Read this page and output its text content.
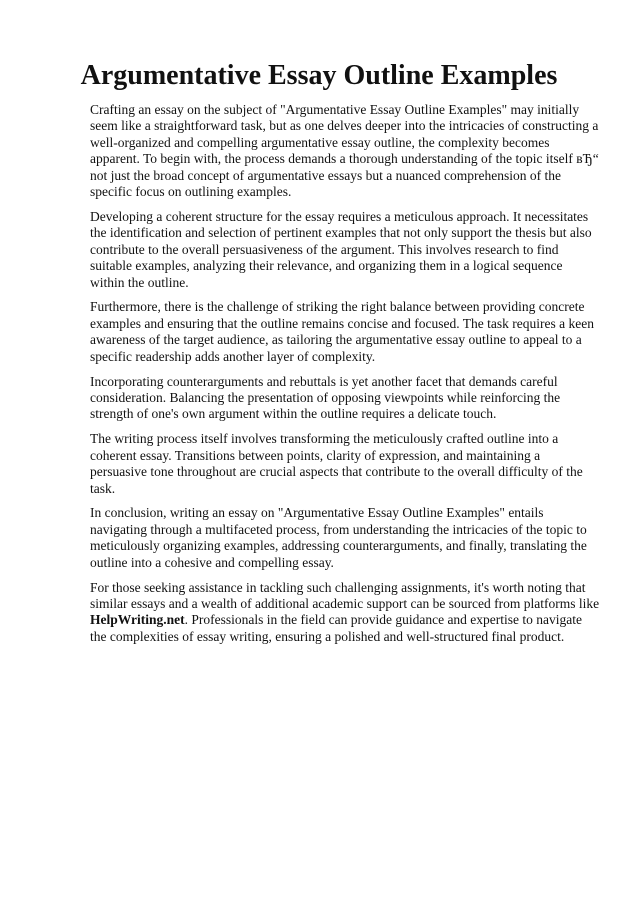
Argumentative Essay Outline Examples

Crafting an essay on the subject of "Argumentative Essay Outline Examples" may initially seem like a straightforward task, but as one delves deeper into the intricacies of constructing a well-organized and compelling argumentative essay outline, the complexity becomes apparent. To begin with, the process demands a thorough understanding of the topic itself вЂ“ not just the broad concept of argumentative essays but a nuanced comprehension of the specific focus on outlining examples.

Developing a coherent structure for the essay requires a meticulous approach. It necessitates the identification and selection of pertinent examples that not only support the thesis but also contribute to the overall persuasiveness of the argument. This involves research to find suitable examples, analyzing their relevance, and organizing them in a logical sequence within the outline.

Furthermore, there is the challenge of striking the right balance between providing concrete examples and ensuring that the outline remains concise and focused. The task requires a keen awareness of the target audience, as tailoring the argumentative essay outline to appeal to a specific readership adds another layer of complexity.

Incorporating counterarguments and rebuttals is yet another facet that demands careful consideration. Balancing the presentation of opposing viewpoints while reinforcing the strength of one's own argument within the outline requires a delicate touch.

The writing process itself involves transforming the meticulously crafted outline into a coherent essay. Transitions between points, clarity of expression, and maintaining a persuasive tone throughout are crucial aspects that contribute to the overall difficulty of the task.

In conclusion, writing an essay on "Argumentative Essay Outline Examples" entails navigating through a multifaceted process, from understanding the intricacies of the topic to meticulously organizing examples, addressing counterarguments, and finally, translating the outline into a cohesive and compelling essay.

For those seeking assistance in tackling such challenging assignments, it's worth noting that similar essays and a wealth of additional academic support can be sourced from platforms like HelpWriting.net. Professionals in the field can provide guidance and expertise to navigate the complexities of essay writing, ensuring a polished and well-structured final product.
